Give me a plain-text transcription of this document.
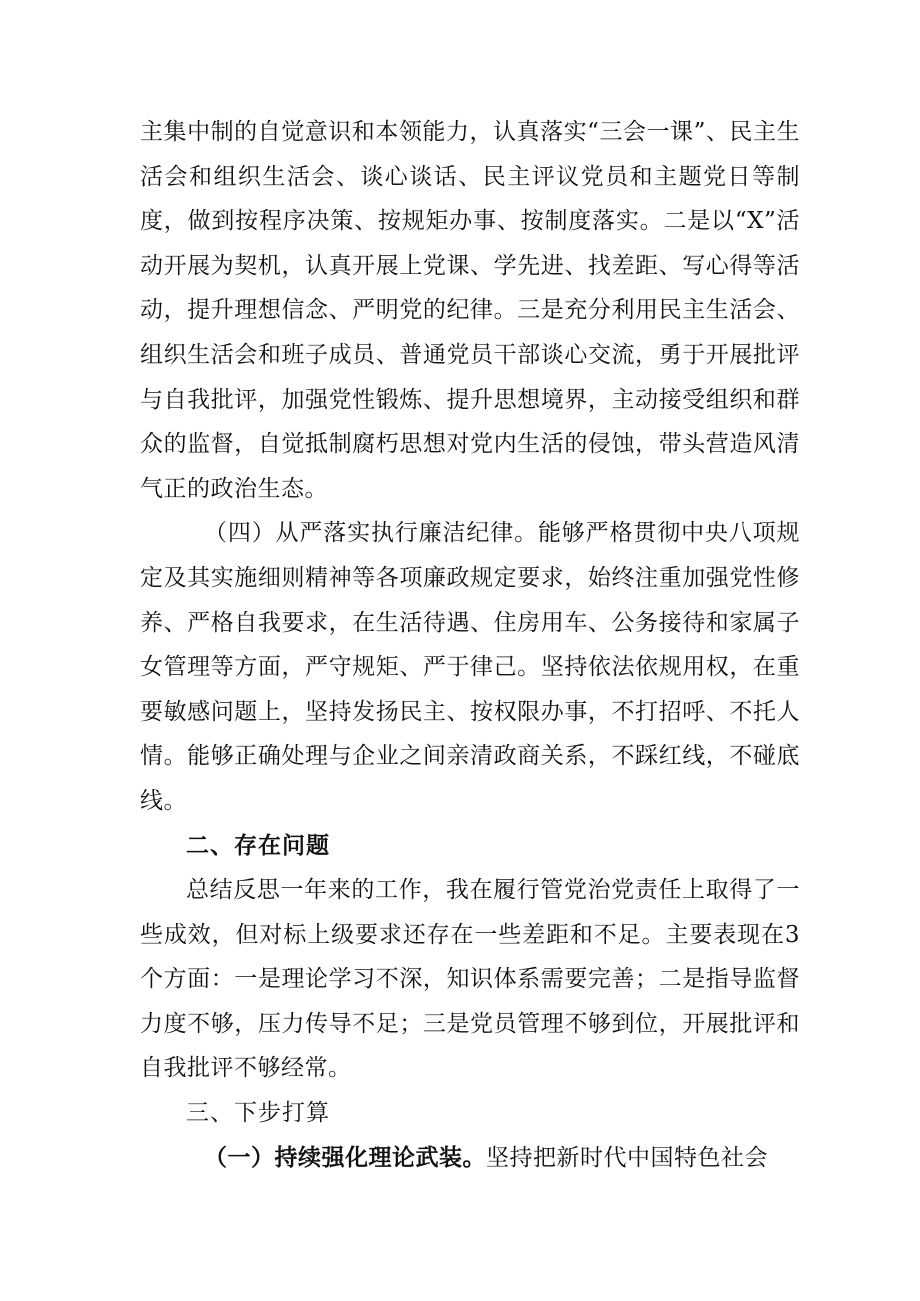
主集中制的自觉意识和本领能力，认真落实“三会一课”、民主生活会和组织生活会、谈心谈话、民主评议党员和主题党日等制度，做到按程序决策、按规矩办事、按制度落实。二是以“X”活动开展为契机，认真开展上党课、学先进、找差距、写心得等活动，提升理想信念、严明党的纪律。三是充分利用民主生活会、组织生活会和班子成员、普通党员干部谈心交流，勇于开展批评与自我批评，加强党性锻炼、提升思想境界，主动接受组织和群众的监督，自觉抵制腐朽思想对党内生活的侵蚀，带头营造风清气正的政治生态。

（四）从严落实执行廉洁纪律。能够严格贯彻中央八项规定及其实施细则精神等各项廉政规定要求，始终注重加强党性修养、严格自我要求，在生活待遇、住房用车、公务接待和家属子女管理等方面，严守规矩、严于律己。坚持依法依规用权，在重要敏感问题上，坚持发扬民主、按权限办事，不打招呼、不托人情。能够正确处理与企业之间亲清政商关系，不踩红线，不碰底线。

二、存在问题

总结反思一年来的工作，我在履行管党治党责任上取得了一些成效，但对标上级要求还存在一些差距和不足。主要表现在3个方面：一是理论学习不深，知识体系需要完善；二是指导监督力度不够，压力传导不足；三是党员管理不够到位，开展批评和自我批评不够经常。

三、下步打算

（一）持续强化理论武装。坚持把新时代中国特色社会
